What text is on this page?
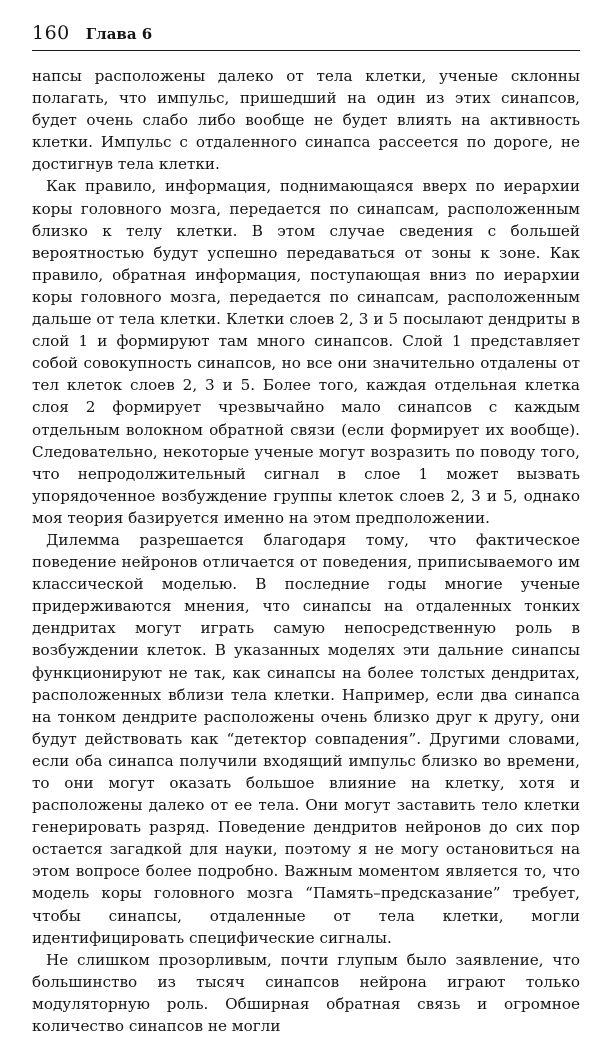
160 Глава 6

напсы расположены далеко от тела клетки, ученые склонны полагать, что импульс, пришедший на один из этих синапсов, будет очень слабо либо вообще не будет влиять на активность клетки. Импульс с отдаленного синапса рассеется по дороге, не достигнув тела клетки.

Как правило, информация, поднимающаяся вверх по иерархии коры головного мозга, передается по синапсам, расположенным близко к телу клетки. В этом случае сведения с большей вероятностью будут успешно передаваться от зоны к зоне. Как правило, обратная информация, поступающая вниз по иерархии коры головного мозга, передается по синапсам, расположенным дальше от тела клетки. Клетки слоев 2, 3 и 5 посылают дендриты в слой 1 и формируют там много синапсов. Слой 1 представляет собой совокупность синапсов, но все они значительно отдалены от тел клеток слоев 2, 3 и 5. Более того, каждая отдельная клетка слоя 2 формирует чрезвычайно мало синапсов с каждым отдельным волокном обратной связи (если формирует их вообще). Следовательно, некоторые ученые могут возразить по поводу того, что непродолжительный сигнал в слое 1 может вызвать упорядоченное возбуждение группы клеток слоев 2, 3 и 5, однако моя теория базируется именно на этом предположении.

Дилемма разрешается благодаря тому, что фактическое поведение нейронов отличается от поведения, приписываемого им классической моделью. В последние годы многие ученые придерживаются мнения, что синапсы на отдаленных тонких дендритах могут играть самую непосредственную роль в возбуждении клеток. В указанных моделях эти дальние синапсы функционируют не так, как синапсы на более толстых дендритах, расположенных вблизи тела клетки. Например, если два синапса на тонком дендрите расположены очень близко друг к другу, они будут действовать как “детектор совпадения”. Другими словами, если оба синапса получили входящий импульс близко во времени, то они могут оказать большое влияние на клетку, хотя и расположены далеко от ее тела. Они могут заставить тело клетки генерировать разряд. Поведение дендритов нейронов до сих пор остается загадкой для науки, поэтому я не могу остановиться на этом вопросе более подробно. Важным моментом является то, что модель коры головного мозга “Память–предсказание” требует, чтобы синапсы, отдаленные от тела клетки, могли идентифицировать специфические сигналы.

Не слишком прозорливым, почти глупым было заявление, что большинство из тысяч синапсов нейрона играют только модуляторную роль. Обширная обратная связь и огромное количество синапсов не могли
